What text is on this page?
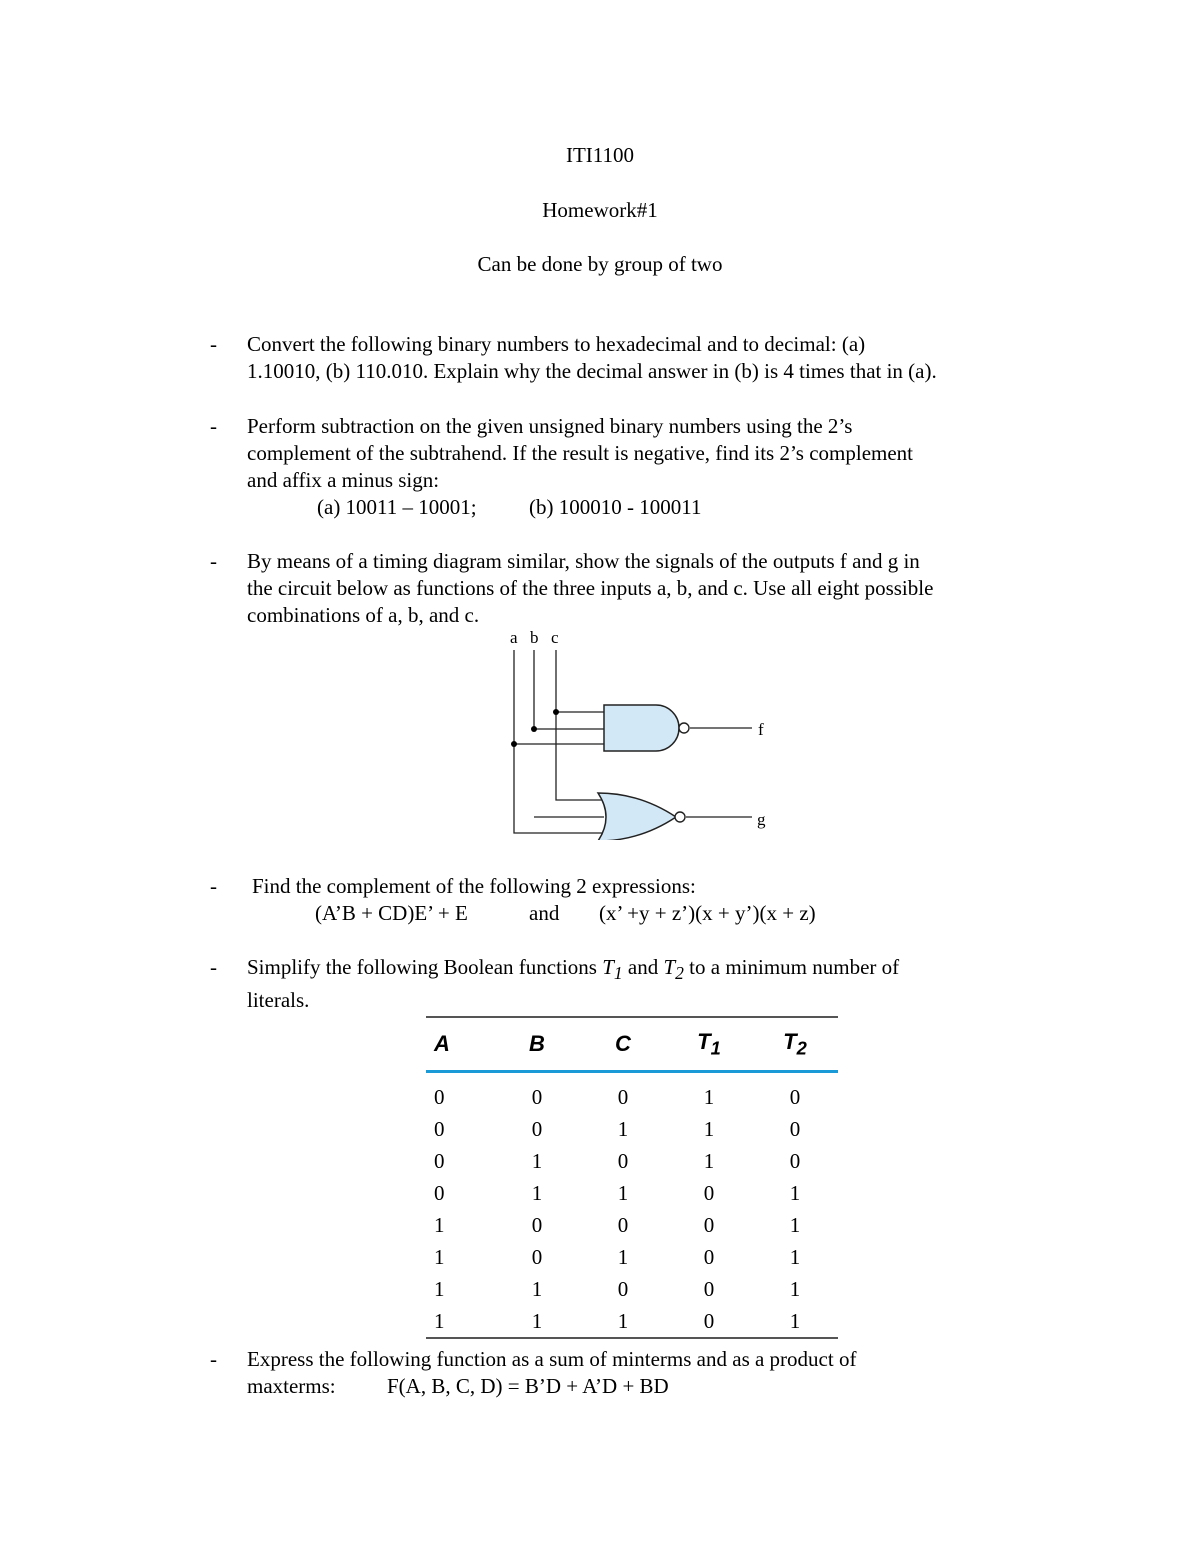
ITI1100
Homework#1
Can be done by group of two
- Convert the following binary numbers to hexadecimal and to decimal: (a)

1.10010, (b) 110.010. Explain why the decimal answer in (b) is 4 times that in (a).

- Perform subtraction on the given unsigned binary numbers using the 2’s

complement of the subtrahend. If the result is negative, find its 2’s complement

and affix a minus sign:

(a) 10011 – 10001; (b) 100010 - 100011

- By means of a timing diagram similar, show the signals of the outputs f and g in

the circuit below as functions of the three inputs a, b, and c. Use all eight possible

combinations of a, b, and c.

a b c
f
g
- Find the complement of the following 2 expressions:

(A’B + CD)E’ + E	and (x’ +y + z’)(x + y’)(x + z)

- Simplify the following Boolean functions $T_1$ and $T_2$ to a minimum number of

literals.

A	B	C	$T_1$	$T_2$
0	0	0	1	0
0	0	1	1	0
0	1	0	1	0
0	1	1	0	1
1	0	0	0	1
1	0	1	0	1
1	1	0	0	1
1	1	1	0	1
- Express the following function as a sum of minterms and as a product of

maxterms: F(A, B, C, D) = B’D + A’D + BD
